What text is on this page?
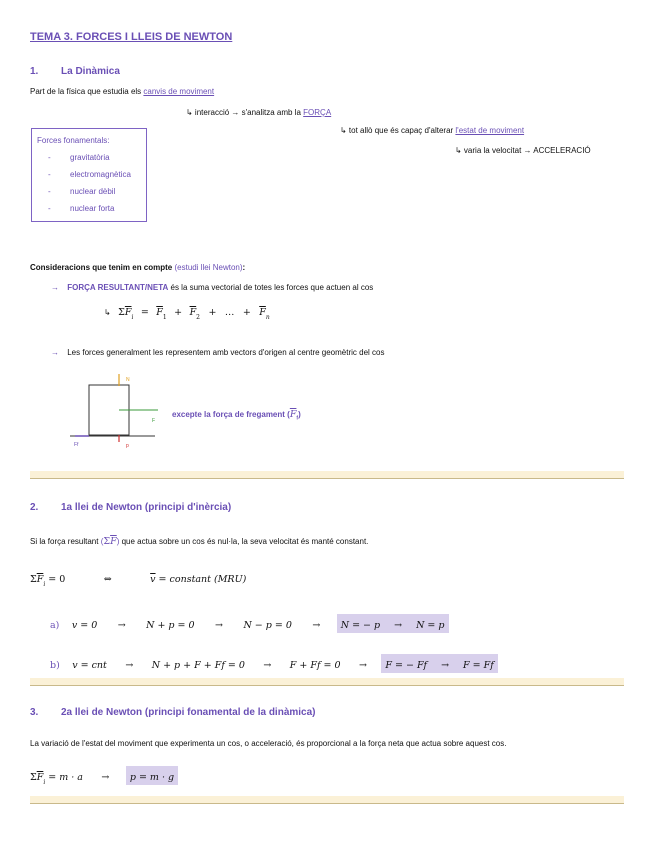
TEMA 3. FORCES I LLEIS DE NEWTON
1. La Dinàmica
Part de la física que estudia els canvis de moviment
↳ interacció → s'analitza amb la FORÇA
↳ tot allò que és capaç d'alterar l'estat de moviment
↳ varia la velocitat → ACCELERACIÓ
Forces fonamentals:
- gravitatòria
- electromagnètica
- nuclear dèbil
- nuclear forta
Consideracions que tenim en compte (estudi llei Newton):
→ FORÇA RESULTANT/NETA és la suma vectorial de totes les forces que actuen al cos
↳ $\Sigma\overline{F}_i = \overline{F}_1 + \overline{F}_2$ + … + $\overline{F}_n$
→ Les forces generalment les representem amb vectors d'origen al centre geomètric del cos
N
F
Ff	p
excepte la força de fregament $(\overline{F}_f)$
2. 1a llei de Newton (principi d'inèrcia)
Si la força resultant $(\Sigma\overline{F})$ que actua sobre un cos és nul·la, la seva velocitat és manté constant.
$\Sigma\overline{F}_i = 0$	⇔	$\overline{v}$ = constant (MRU)
a) v = 0 → N + p = 0 → N − p = 0 → N = − p → N = p
b) v = cnt → N + p + F + Ff = 0 → F + Ff = 0 → F = − Ff → F = Ff
3. 2a llei de Newton (principi fonamental de la dinàmica)
La variació de l'estat del moviment que experimenta un cos, o acceleració, és proporcional a la força neta que actua sobre aquest cos.
$\Sigma\overline{F}_i = m \cdot a \to p = m \cdot g$
